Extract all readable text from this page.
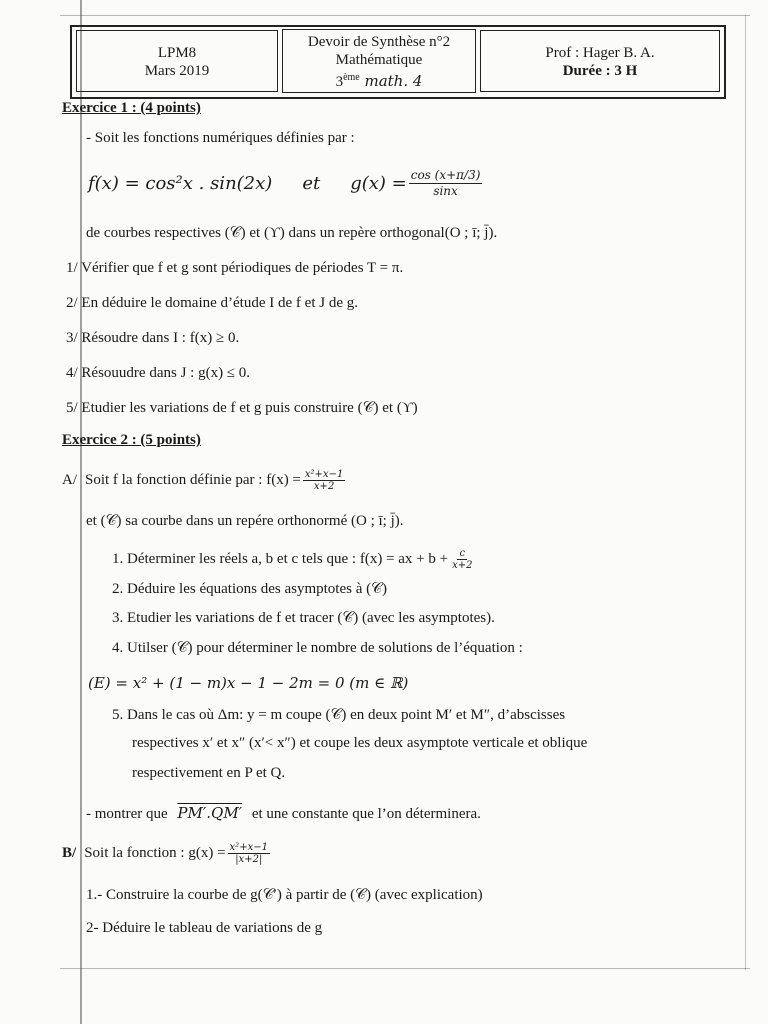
LPM8
Mars 2019
Devoir de Synthèse n°2
Mathématique
3ème math. 4
Prof : Hager B. A.
Durée : 3 H
Exercice 1 : (4 points)
- Soit les fonctions numériques définies par :
f(x) = cos²x . sin(2x) et $g(x) = \frac{\cos (x+\pi/3)}{\sin x}$
de courbes respectives (𝒞) et (ϒ) dans un repère orthogonal(O ; ī; j̄).
1/ Vérifier que f et g sont périodiques de périodes T = π.
2/ En déduire le domaine d’étude I de f et J de g.
3/ Résoudre dans I : f(x) ≥ 0.
4/ Résouudre dans J : g(x) ≤ 0.
5/ Etudier les variations de f et g puis construire (𝒞) et (ϒ)
Exercice 2 : (5 points)
A/ Soit f la fonction définie par : $f(x) = \frac{\text{x²+x−1}}{x+2}$
et (𝒞) sa courbe dans un repére orthonormé (O ; ī; j̄).
1. Déterminer les réels a, b et c tels que : f(x) = ax + $b + \frac{c}{x+2}$
2. Déduire les équations des asymptotes à (𝒞)
3. Etudier les variations de f et tracer (𝒞) (avec les asymptotes).
4. Utilser (𝒞) pour déterminer le nombre de solutions de l’équation :
(E) = x² + (1 − m)x − 1 − 2m = 0 (m ∈ ℝ)
5. Dans le cas où Δm: y = m coupe (𝒞) en deux point M′ et M″, d’abscisses
respectives x′ et x″ (x′< x″) et coupe les deux asymptote verticale et oblique
respectivement en P et Q.
- montrer que PM′.QM′ et une constante que l’on déterminera.
B/ Soit la fonction : $g(x) = \frac{\text{x²+x−1}}{|x+2|}$
1.- Construire la courbe de g(𝒞′) à partir de (𝒞) (avec explication)
2- Déduire le tableau de variations de g
